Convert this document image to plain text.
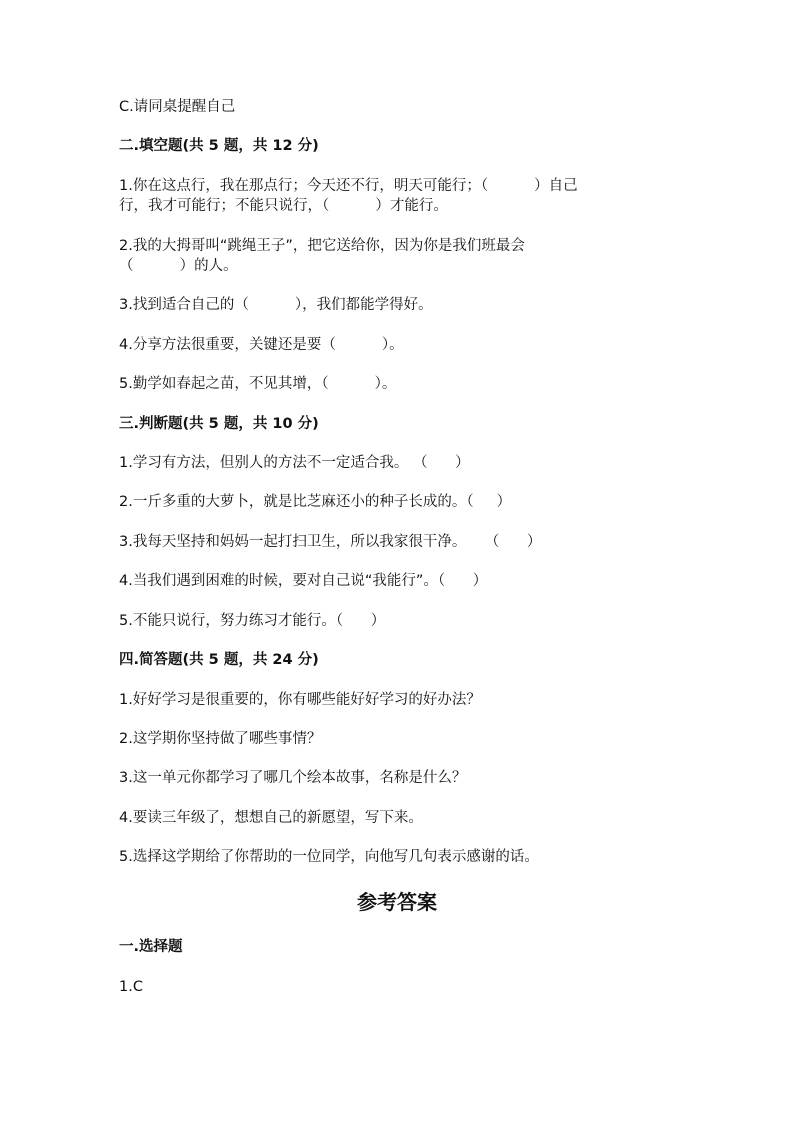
C.请同桌提醒自己
二.填空题(共 5 题，共 12 分)
1.你在这点行，我在那点行；今天还不行，明天可能行；（          ）自己
行，我才可能行；不能只说行，（          ）才能行。
2.我的大拇哥叫“跳绳王子”，把它送给你，因为你是我们班最会
（          ）的人。
3.找到适合自己的（          ），我们都能学得好。
4.分享方法很重要，关键还是要（          ）。
5.勤学如春起之苗，不见其增，（          ）。
三.判断题(共 5 题，共 10 分)
1.学习有方法，但别人的方法不一定适合我。 （      ）
2.一斤多重的大萝卜，就是比芝麻还小的种子长成的。（     ）
3.我每天坚持和妈妈一起打扫卫生，所以我家很干净。    （      ）
4.当我们遇到困难的时候，要对自己说“我能行”。（      ）
5.不能只说行，努力练习才能行。（      ）
四.简答题(共 5 题，共 24 分)
1.好好学习是很重要的，你有哪些能好好学习的好办法？
2.这学期你坚持做了哪些事情？
3.这一单元你都学习了哪几个绘本故事，名称是什么？
4.要读三年级了，想想自己的新愿望，写下来。
5.选择这学期给了你帮助的一位同学，向他写几句表示感谢的话。
参考答案
一.选择题
1.C
